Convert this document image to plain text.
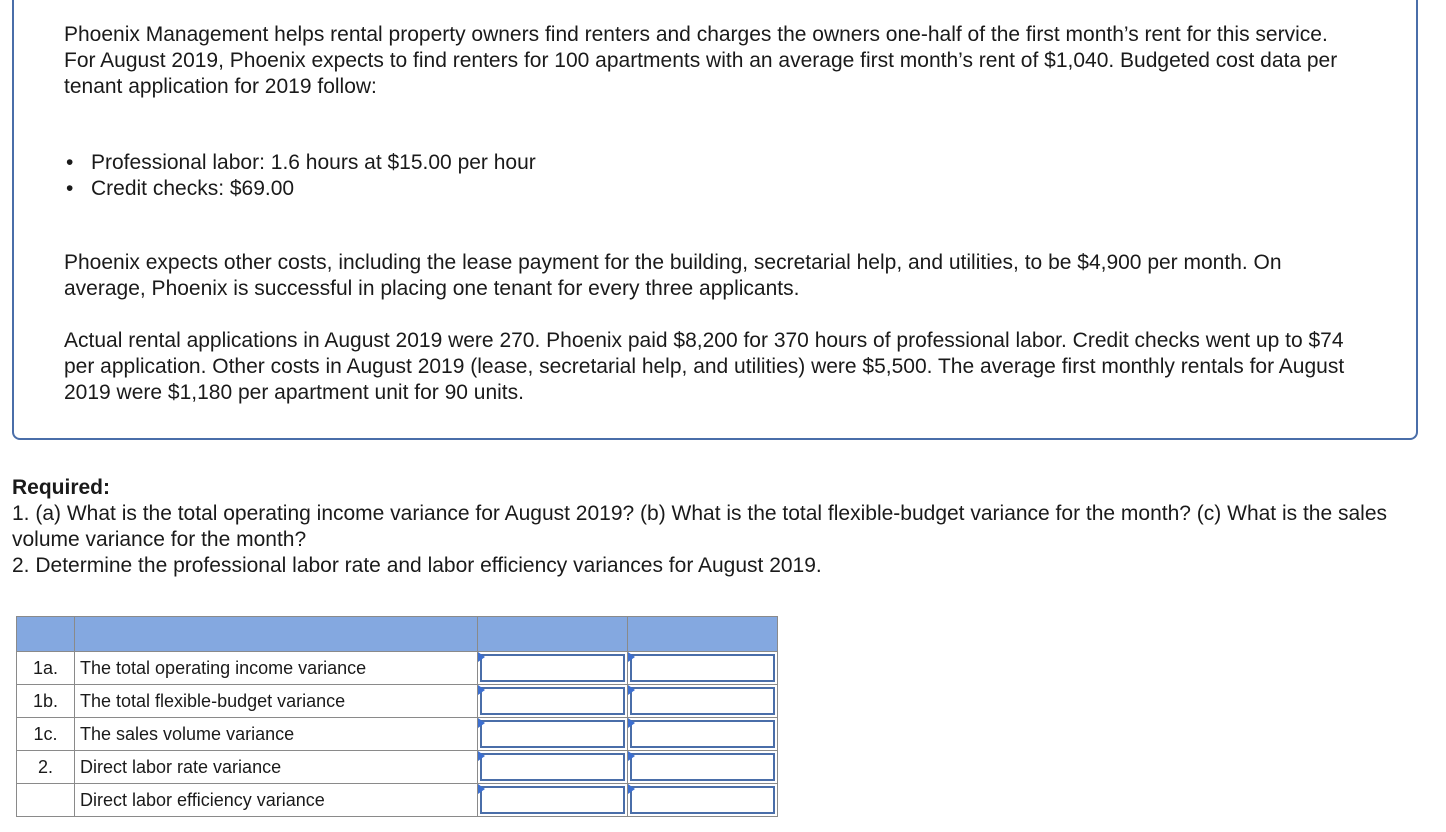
Phoenix Management helps rental property owners find renters and charges the owners one-half of the first month’s rent for this service. For August 2019, Phoenix expects to find renters for 100 apartments with an average first month’s rent of $1,040. Budgeted cost data per tenant application for 2019 follow:

• Professional labor: 1.6 hours at $15.00 per hour
• Credit checks: $69.00

Phoenix expects other costs, including the lease payment for the building, secretarial help, and utilities, to be $4,900 per month. On average, Phoenix is successful in placing one tenant for every three applicants.

Actual rental applications in August 2019 were 270. Phoenix paid $8,200 for 370 hours of professional labor. Credit checks went up to $74 per application. Other costs in August 2019 (lease, secretarial help, and utilities) were $5,500. The average first monthly rentals for August 2019 were $1,180 per apartment unit for 90 units.

Required:
1. (a) What is the total operating income variance for August 2019? (b) What is the total flexible-budget variance for the month? (c) What is the sales volume variance for the month?
2. Determine the professional labor rate and labor efficiency variances for August 2019.

1a.	The total operating income variance	

1b.	The total flexible-budget variance	

1c.	The sales volume variance	

2.	Direct labor rate variance	

	Direct labor efficiency variance	
